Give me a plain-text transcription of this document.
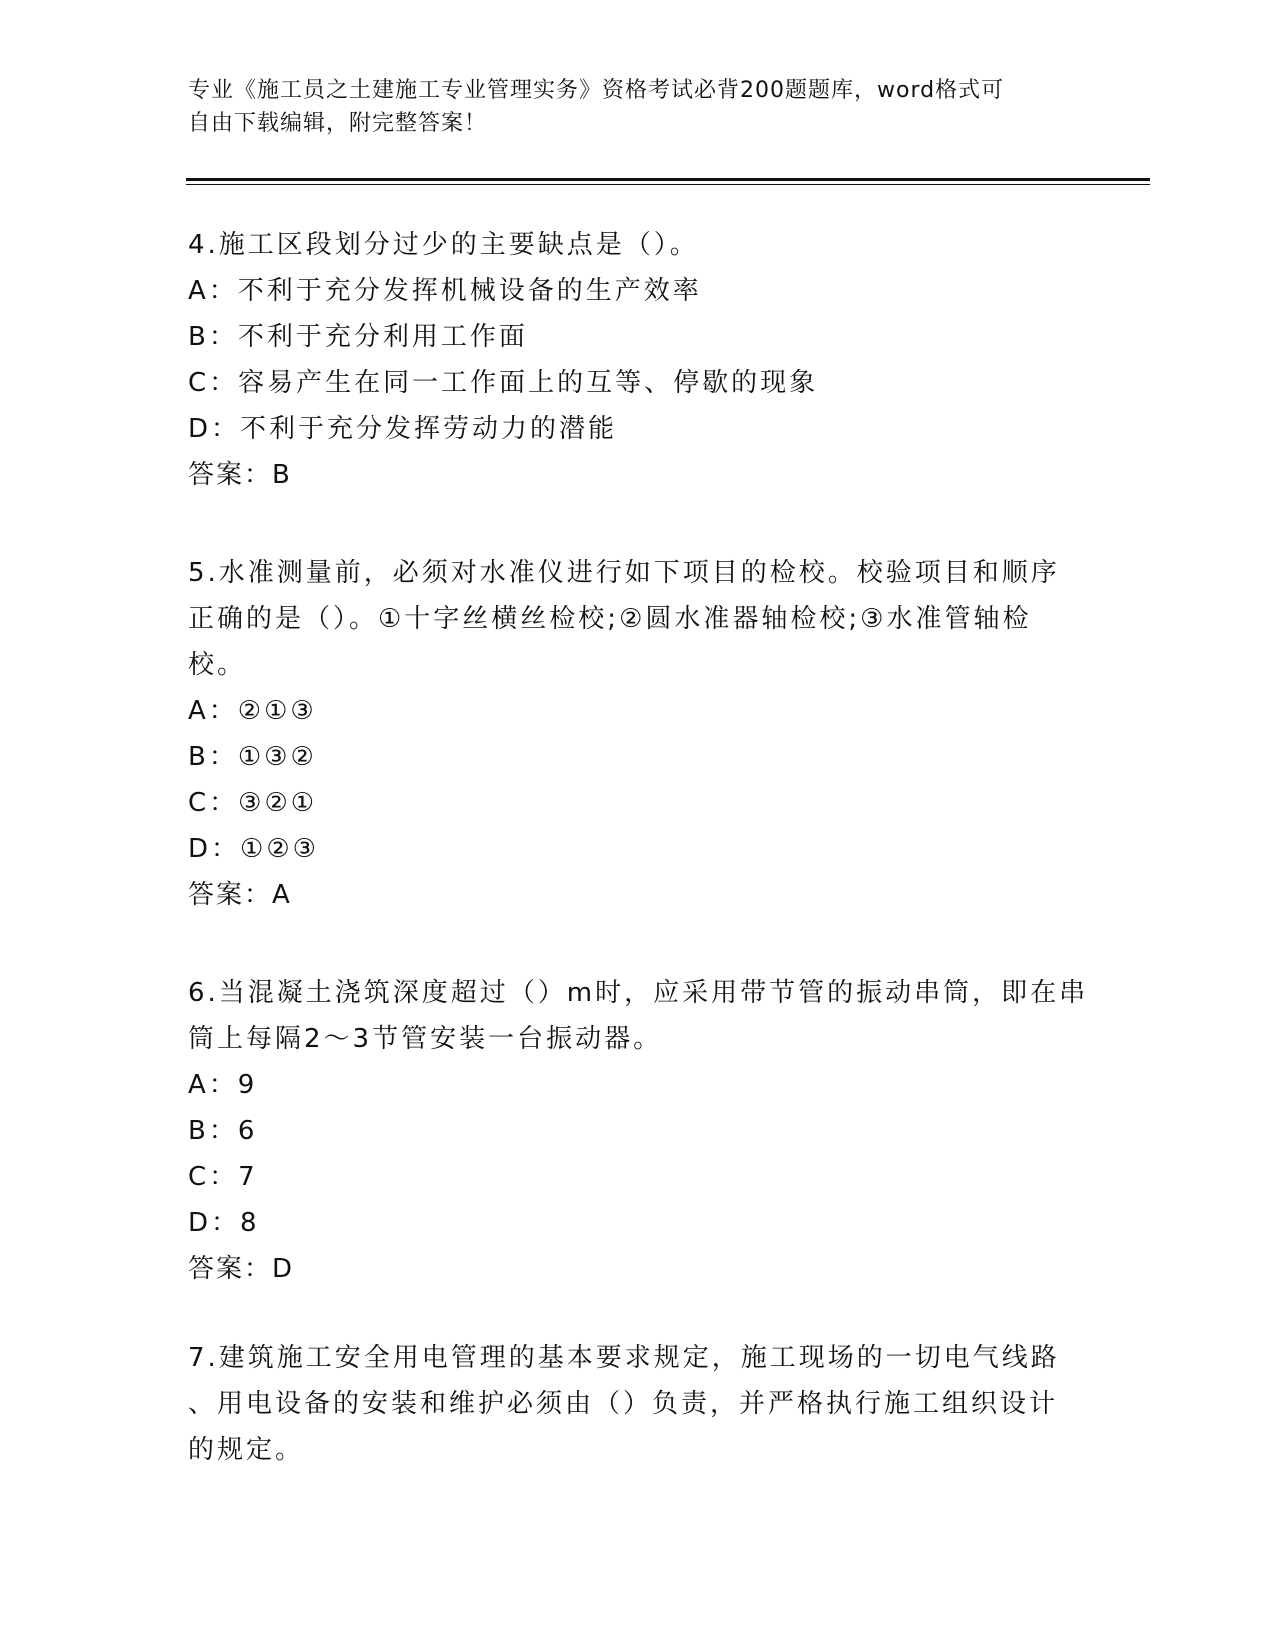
专业《施工员之土建施工专业管理实务》资格考试必背200题题库，word格式可
自由下载编辑，附完整答案！
4.施工区段划分过少的主要缺点是（）。
A：不利于充分发挥机械设备的生产效率
B：不利于充分利用工作面
C：容易产生在同一工作面上的互等、停歇的现象
D：不利于充分发挥劳动力的潜能
答案：B
5.水准测量前，必须对水准仪进行如下项目的检校。校验项目和顺序
正确的是（）。①十字丝横丝检校;②圆水准器轴检校;③水准管轴检
校。
A：②①③
B：①③②
C：③②①
D：①②③
答案：A
6.当混凝土浇筑深度超过（）m时，应采用带节管的振动串筒，即在串
筒上每隔2～3节管安装一台振动器。
A：9
B：6
C：7
D：8
答案：D
7.建筑施工安全用电管理的基本要求规定，施工现场的一切电气线路
、用电设备的安装和维护必须由（）负责，并严格执行施工组织设计
的规定。
